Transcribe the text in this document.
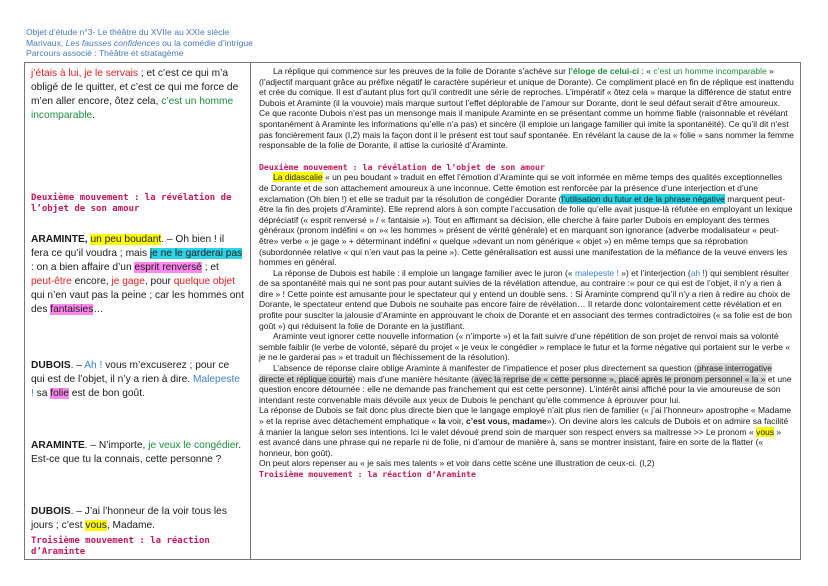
Objet d’étude n°3- Le théâtre du XVIIe au XXIe siècle
Marivaux, Les fausses confidences ou la comédie d’intrigue
Parcours associé : Théâtre et stratagème
j’étais à lui, je le servais ; et c’est ce qui m’a obligé de le quitter, et c’est ce qui me force de m’en aller encore, ôtez cela, c’est un homme incomparable.
Deuxième mouvement : la révélation de l’objet de son amour
ARAMINTE, un peu boudant. – Oh bien ! il fera ce qu’il voudra ; mais je ne le garderai pas : on a bien affaire d’un esprit renversé ; et peut-être encore, je gage, pour quelque objet qui n’en vaut pas la peine ; car les hommes ont des fantaisies…
DUBOIS. – Ah ! vous m’excuserez ; pour ce qui est de l’objet, il n’y a rien à dire. Malepeste ! sa folie est de bon goût.
ARAMINTE. – N’importe, je veux le congédier. Est-ce que tu la connais, cette personne ?
DUBOIS. – J’ai l’honneur de la voir tous les jours ; c’est vous, Madame.
Troisième mouvement : la réaction d’Araminte

La réplique qui commence sur les preuves de la folie de Dorante s’achève sur l’éloge de celui-ci : « c’est un homme incomparable » (l’adjectif marquant grâce au préfixe négatif le caractère supérieur et unique de Dorante). Ce compliment placé en fin de réplique est inattendu et crée du comique. Il est d’autant plus fort qu’il contredit une série de reproches. L’impératif « ôtez cela » marque la différence de statut entre Dubois et Araminte (il la vouvoie) mais marque surtout l’effet déplorable de l’amour sur Dorante, dont le seul défaut serait d’être amoureux.

Ce que raconte Dubois n’est pas un mensonge mais il manipule Araminte en se présentant comme un homme fiable (raisonnable et révélant spontanément à Araminte les informations qu’elle n’a pas) et sincère (il emploie un langage familier qui imite la spontanéité). Ce qu’il dit n’est pas foncièrement faux (I,2) mais la façon dont il le présent est tout sauf spontanée. En révélant la cause de la « folie » sans nommer la femme responsable de la folie de Dorante, il attise la curiosité d’Araminte.

Deuxième mouvement : la révélation de l’objet de son amour

La didascalie « un peu boudant » traduit en effet l’émotion d’Araminte qui se voit informée en même temps des qualités exceptionnelles de Dorante et de son attachement amoureux à une inconnue. Cette émotion est renforcée par la présence d’une interjection et d’une exclamation (Oh bien !) et elle se traduit par la résolution de congédier Dorante (l’utilisation du futur et de la phrase négative marquent peut-être la fin des projets d’Araminte). Elle reprend alors à son compte l’accusation de folie qu’elle avait jusque-là réfutée en employant un lexique dépréciatif (« esprit renversé » / « fantaisie »). Tout en affirmant sa décision, elle cherche à faire parler Dubois en employant des termes généraux (pronom indéfini « on »« les hommes » présent de vérité générale) et en marquant son ignorance (adverbe modalisateur « peut-être» verbe « je gage » + déterminant indéfini « quelque »devant un nom générique « objet ») en même temps que sa réprobation (subordonnée relative « qui n’en vaut pas la peine »). Cette généralisation est aussi une manifestation de la méfiance de la veuve envers les hommes en général.

La réponse de Dubois est habile : il emploie un langage familier avec le juron (« malepeste ! ») et l’interjection (ah !) qui semblent résulter de sa spontanéité mais qui ne sont pas pour autant suivies de la révélation attendue, au contraire :« pour ce qui est de l’objet, il n’y a rien à dire » ! Cette pointe est amusante pour le spectateur qui y entend un double sens. : Si Araminte comprend qu’il n’y a rien à redire au choix de Dorante, le spectateur entend que Dubois ne souhaite pas encore faire de révélation… Il retarde donc volontairement cette révélation et en profite pour susciter la jalousie d’Araminte en approuvant le choix de Dorante et en associant des termes contradictoires (« sa folie est de bon goût ») qui réduisent la folie de Dorante en la justifiant.

Araminte veut ignorer cette nouvelle information (« n’importe ») et la fait suivre d’une répétition de son projet de renvoi mais sa volonté semble faiblir (le verbe de volonté, séparé du projet « je veux le congédier » remplace le futur et la forme négative qui portaient sur le verbe « je ne le garderai pas » et traduit un fléchissement de la résolution).

L’absence de réponse claire oblige Araminte à manifester de l’impatience et poser plus directement sa question (phrase interrogative directe et réplique courte) mais d’une manière hésitante (avec la reprise de « cette personne », placé après le pronom personnel « la » et une question encore détournée : elle ne demande pas franchement qui est cette personne). L’intérêt ainsi affiché pour la vie amoureuse de son intendant reste convenable mais dévoile aux yeux de Dubois le penchant qu’elle commence à éprouver pour lui.

La réponse de Dubois se fait donc plus directe bien que le langage employé n’ait plus rien de familier (« j’ai l’honneur» apostrophe « Madame » et la reprise avec détachement emphatique « la voir, c’est vous, madame»). On devine alors les calculs de Dubois et on admire sa facilité à manier la langue selon ses intentions. Ici le valet dévoué prend soin de marquer son respect envers sa maitresse >> Le pronom « vous » est avancé dans une phrase qui ne reparle ni de folie, ni d’amour de manière à, sans se montrer insistant, faire en sorte de la flatter (« honneur, bon goût).

On peut alors repenser au « je sais mes talents » et voir dans cette scène une illustration de ceux-ci. (I,2)

Troisième mouvement : la réaction d’Araminte
